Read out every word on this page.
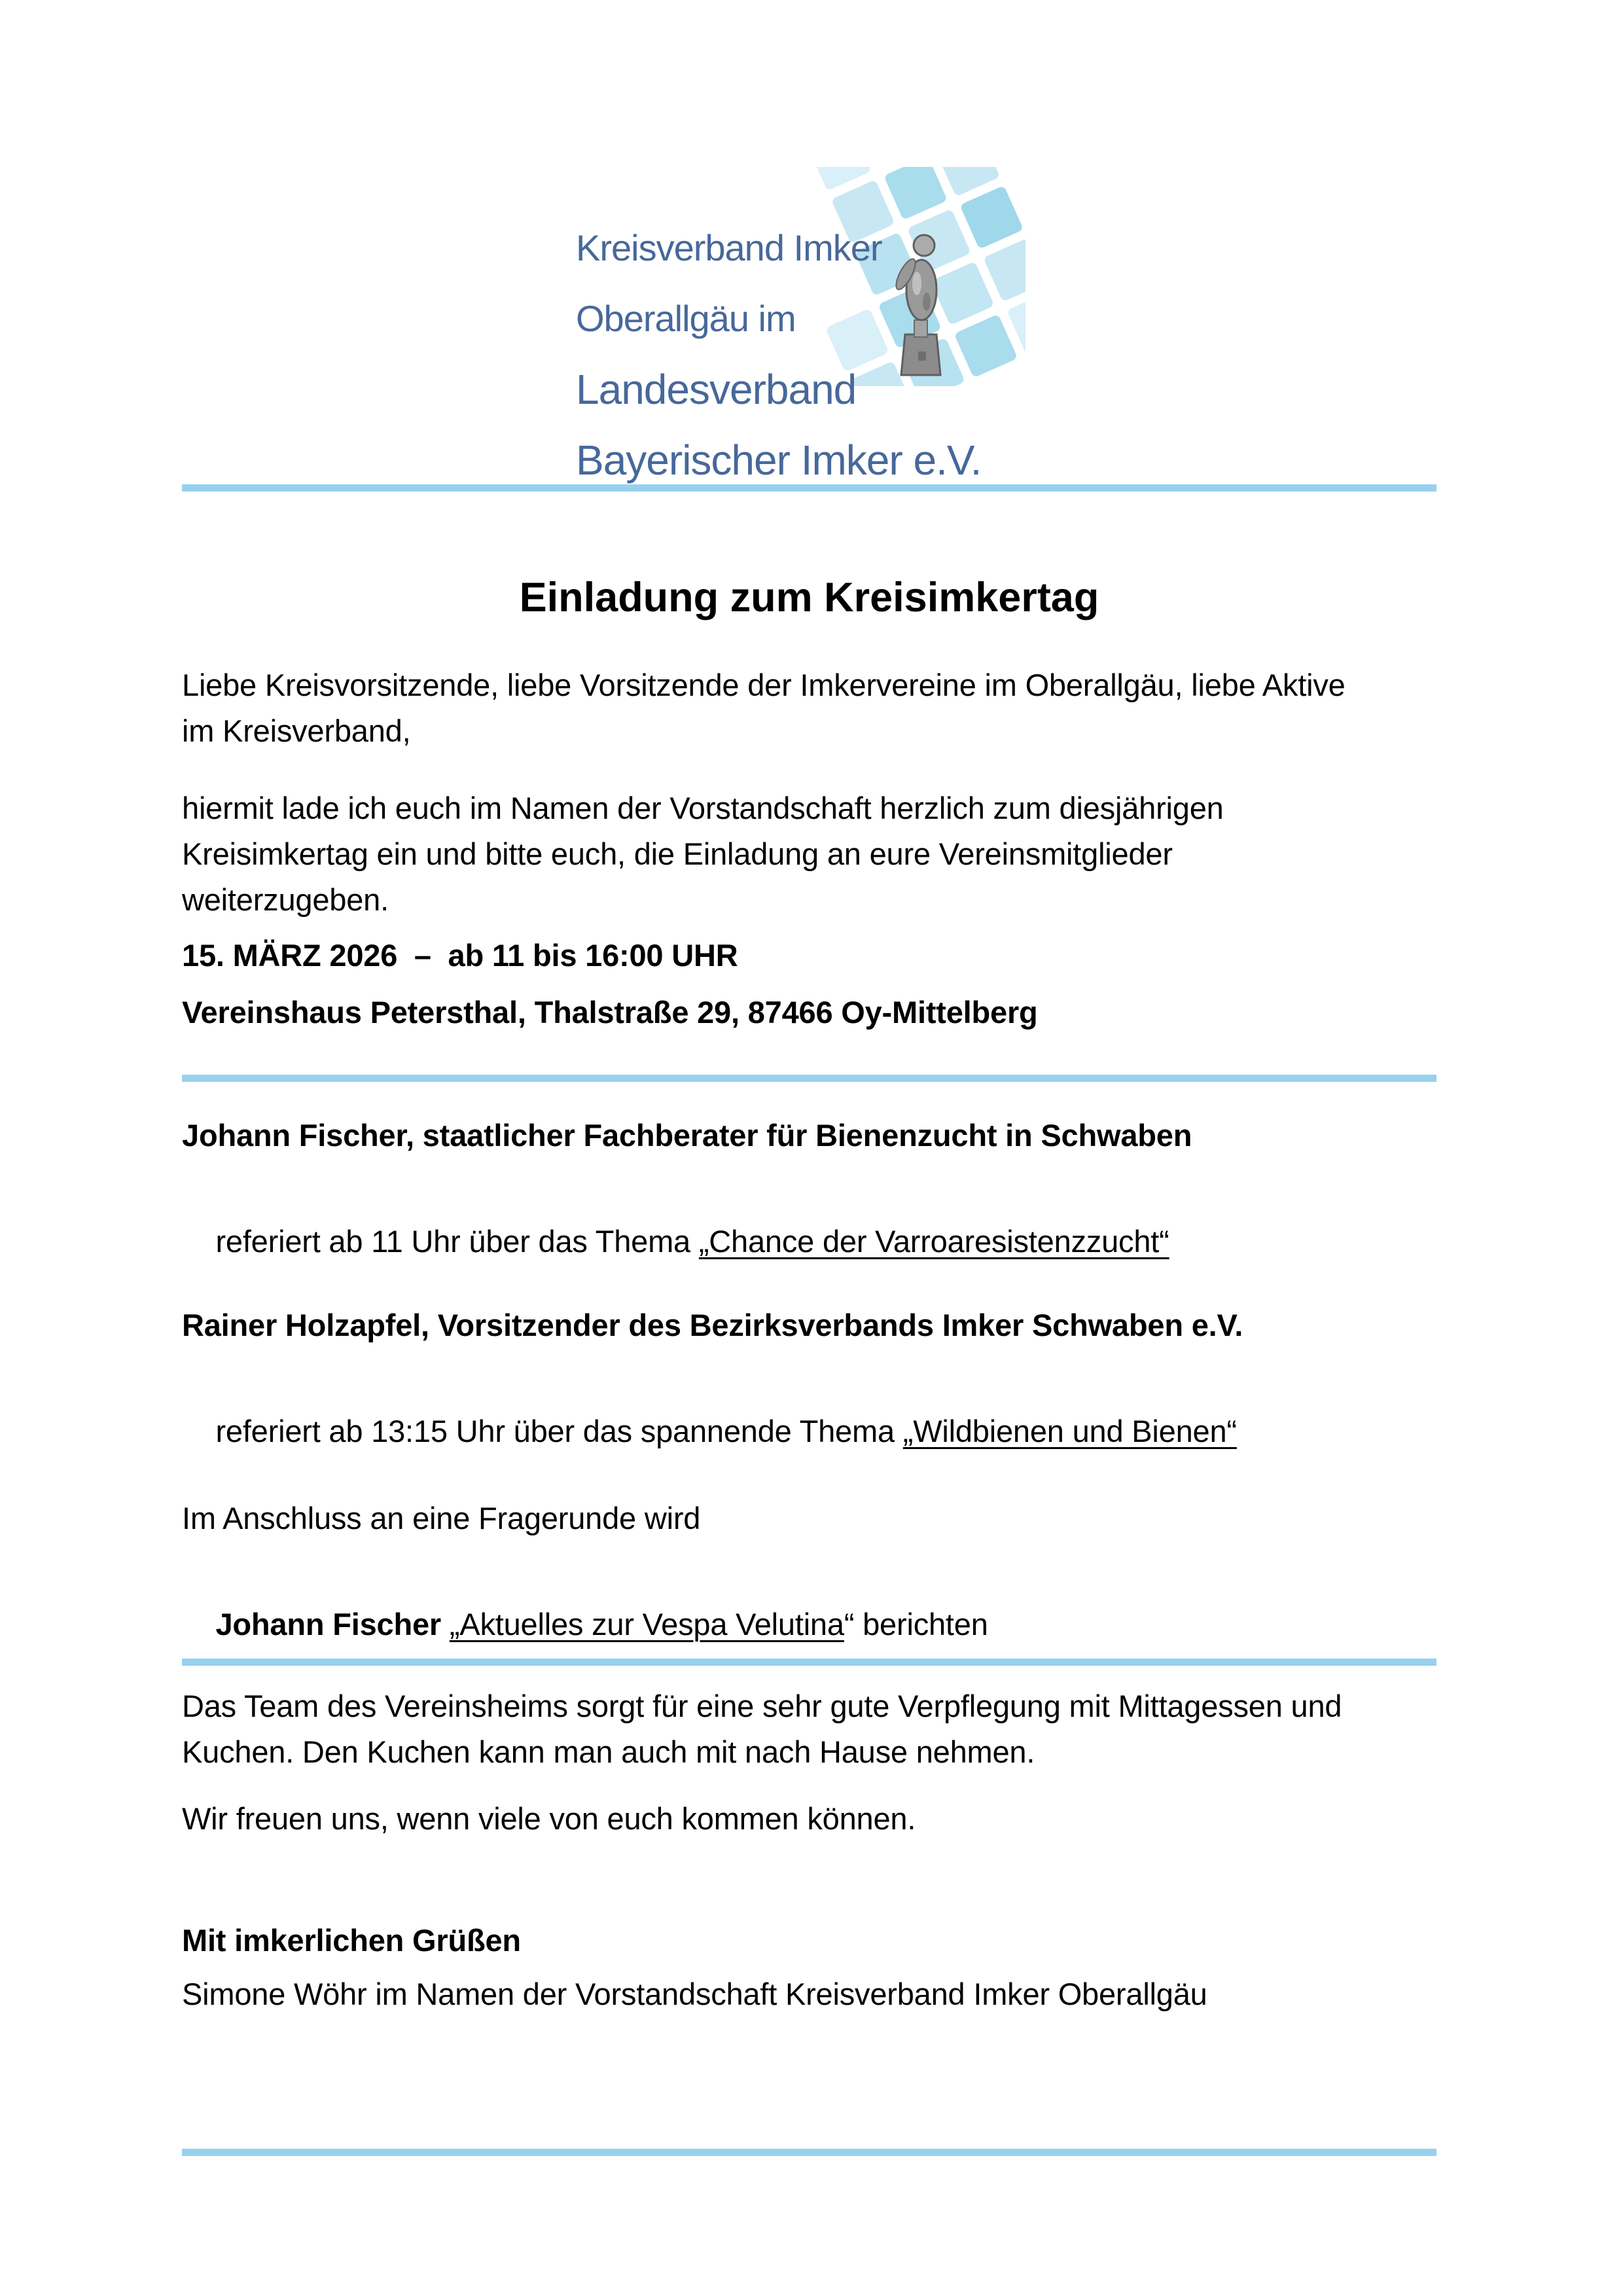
Kreisverband Imker

Oberallgäu im

Landesverband

Bayerischer Imker e.V.

Einladung zum Kreisimkertag
Liebe Kreisvorsitzende, liebe Vorsitzende der Imkervereine im Oberallgäu, liebe Aktive
im Kreisverband,
hiermit lade ich euch im Namen der Vorstandschaft herzlich zum diesjährigen
Kreisimkertag ein und bitte euch, die Einladung an eure Vereinsmitglieder
weiterzugeben.
15. MÄRZ 2026  –  ab 11 bis 16:00 UHR
Vereinshaus Petersthal, Thalstraße 29, 87466 Oy-Mittelberg
Johann Fischer, staatlicher Fachberater für Bienenzucht in Schwaben

referiert ab 11 Uhr über das Thema „Chance der Varroaresistenzzucht“

Rainer Holzapfel, Vorsitzender des Bezirksverbands Imker Schwaben e.V.

referiert ab 13:15 Uhr über das spannende Thema „Wildbienen und Bienen“

Im Anschluss an eine Fragerunde wird

Johann Fischer „Aktuelles zur Vespa Velutina“ berichten

Das Team des Vereinsheims sorgt für eine sehr gute Verpflegung mit Mittagessen und
Kuchen. Den Kuchen kann man auch mit nach Hause nehmen.
Wir freuen uns, wenn viele von euch kommen können.
Mit imkerlichen Grüßen
Simone Wöhr im Namen der Vorstandschaft Kreisverband Imker Oberallgäu
